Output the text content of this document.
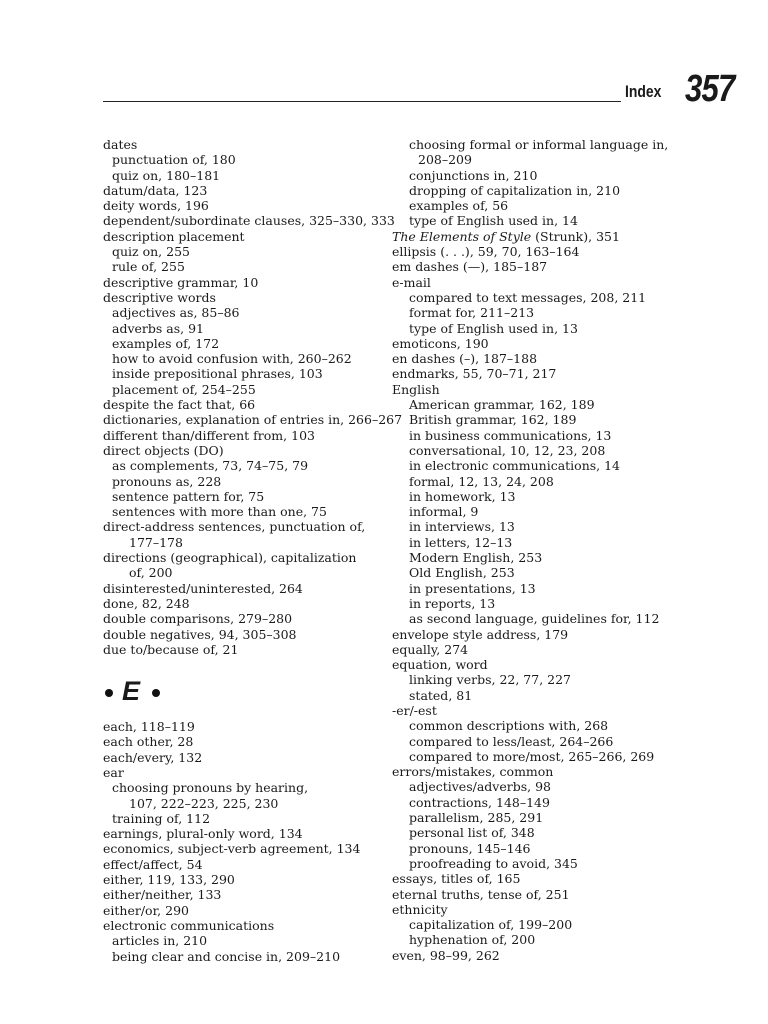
Index 357
dates
punctuation of, 180
quiz on, 180–181
datum/data, 123
deity words, 196
dependent/subordinate clauses, 325–330, 333
description placement
quiz on, 255
rule of, 255
descriptive grammar, 10
descriptive words
adjectives as, 85–86
adverbs as, 91
examples of, 172
how to avoid confusion with, 260–262
inside prepositional phrases, 103
placement of, 254–255
despite the fact that, 66
dictionaries, explanation of entries in, 266–267
different than/different from, 103
direct objects (DO)
as complements, 73, 74–75, 79
pronouns as, 228
sentence pattern for, 75
sentences with more than one, 75
direct-address sentences, punctuation of,
177–178
directions (geographical), capitalization
of, 200
disinterested/uninterested, 264
done, 82, 248
double comparisons, 279–280
double negatives, 94, 305–308
due to/because of, 21
E
each, 118–119
each other, 28
each/every, 132
ear
choosing pronouns by hearing,
107, 222–223, 225, 230
training of, 112
earnings, plural-only word, 134
economics, subject-verb agreement, 134
effect/affect, 54
either, 119, 133, 290
either/neither, 133
either/or, 290
electronic communications
articles in, 210
being clear and concise in, 209–210
choosing formal or informal language in,
208–209
conjunctions in, 210
dropping of capitalization in, 210
examples of, 56
type of English used in, 14
The Elements of Style (Strunk), 351
ellipsis (. . .), 59, 70, 163–164
em dashes (—), 185–187
e-mail
compared to text messages, 208, 211
format for, 211–213
type of English used in, 13
emoticons, 190
en dashes (–), 187–188
endmarks, 55, 70–71, 217
English
American grammar, 162, 189
British grammar, 162, 189
in business communications, 13
conversational, 10, 12, 23, 208
in electronic communications, 14
formal, 12, 13, 24, 208
in homework, 13
informal, 9
in interviews, 13
in letters, 12–13
Modern English, 253
Old English, 253
in presentations, 13
in reports, 13
as second language, guidelines for, 112
envelope style address, 179
equally, 274
equation, word
linking verbs, 22, 77, 227
stated, 81
-er/-est
common descriptions with, 268
compared to less/least, 264–266
compared to more/most, 265–266, 269
errors/mistakes, common
adjectives/adverbs, 98
contractions, 148–149
parallelism, 285, 291
personal list of, 348
pronouns, 145–146
proofreading to avoid, 345
essays, titles of, 165
eternal truths, tense of, 251
ethnicity
capitalization of, 199–200
hyphenation of, 200
even, 98–99, 262
